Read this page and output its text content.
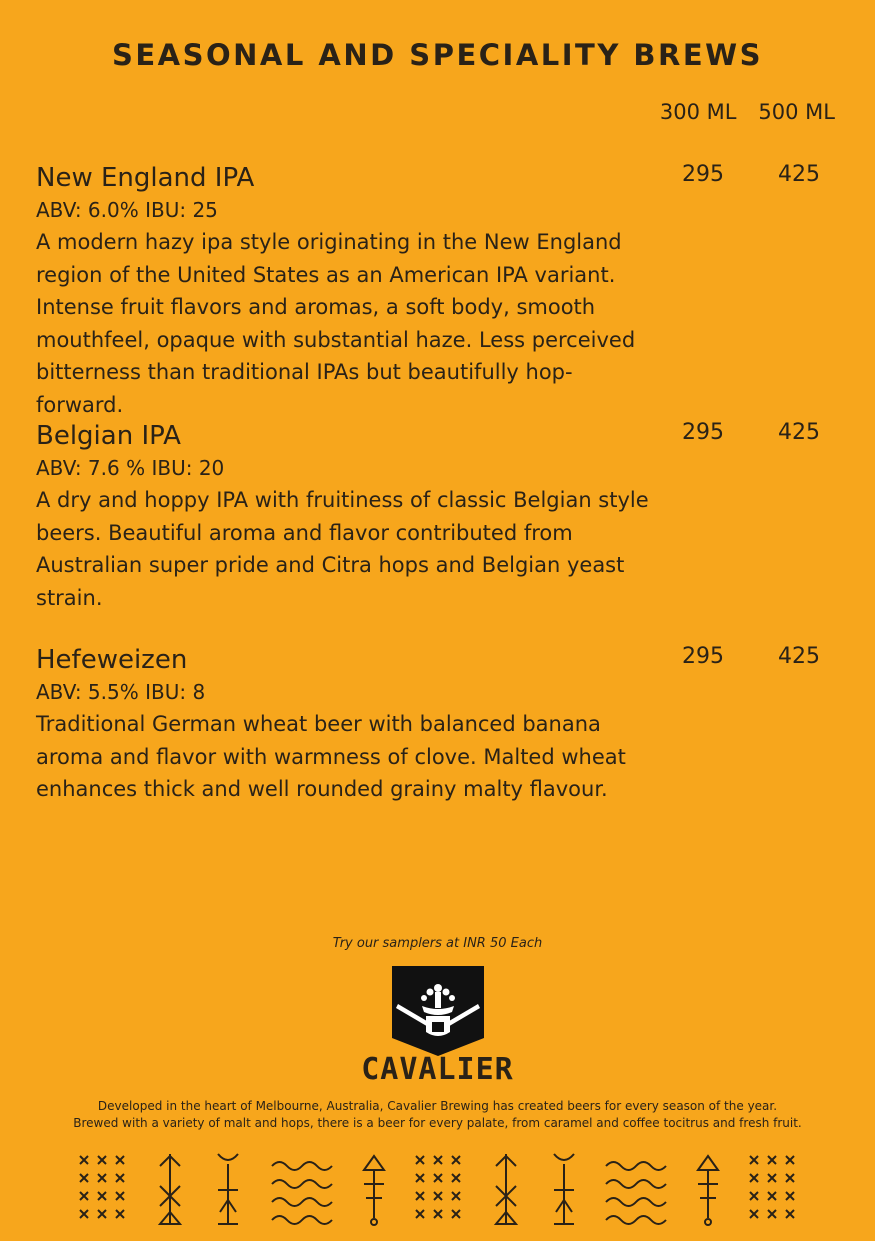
SEASONAL AND SPECIALITY BREWS
300 ML 500 ML

New England IPA

ABV: 6.0% IBU: 25

A modern hazy ipa style originating in the New England region of the United States as an American IPA variant. Intense fruit flavors and aromas, a soft body, smooth mouthfeel, opaque with substantial haze. Less perceived bitterness than traditional IPAs but beautifully hop-forward.

295 425

Belgian IPA

ABV: 7.6 % IBU: 20

A dry and hoppy IPA with fruitiness of classic Belgian style beers. Beautiful aroma and flavor contributed from Australian super pride and Citra hops and Belgian yeast strain.

295 425

Hefeweizen

ABV: 5.5% IBU: 8

Traditional German wheat beer with balanced banana aroma and flavor with warmness of clove. Malted wheat enhances thick and well rounded grainy malty flavour.

295 425
Try our samplers at INR 50 Each
CAVALIER
Developed in the heart of Melbourne, Australia, Cavalier Brewing has created beers for every season of the year.
Brewed with a variety of malt and hops, there is a beer for every palate, from caramel and coffee tocitrus and fresh fruit.
